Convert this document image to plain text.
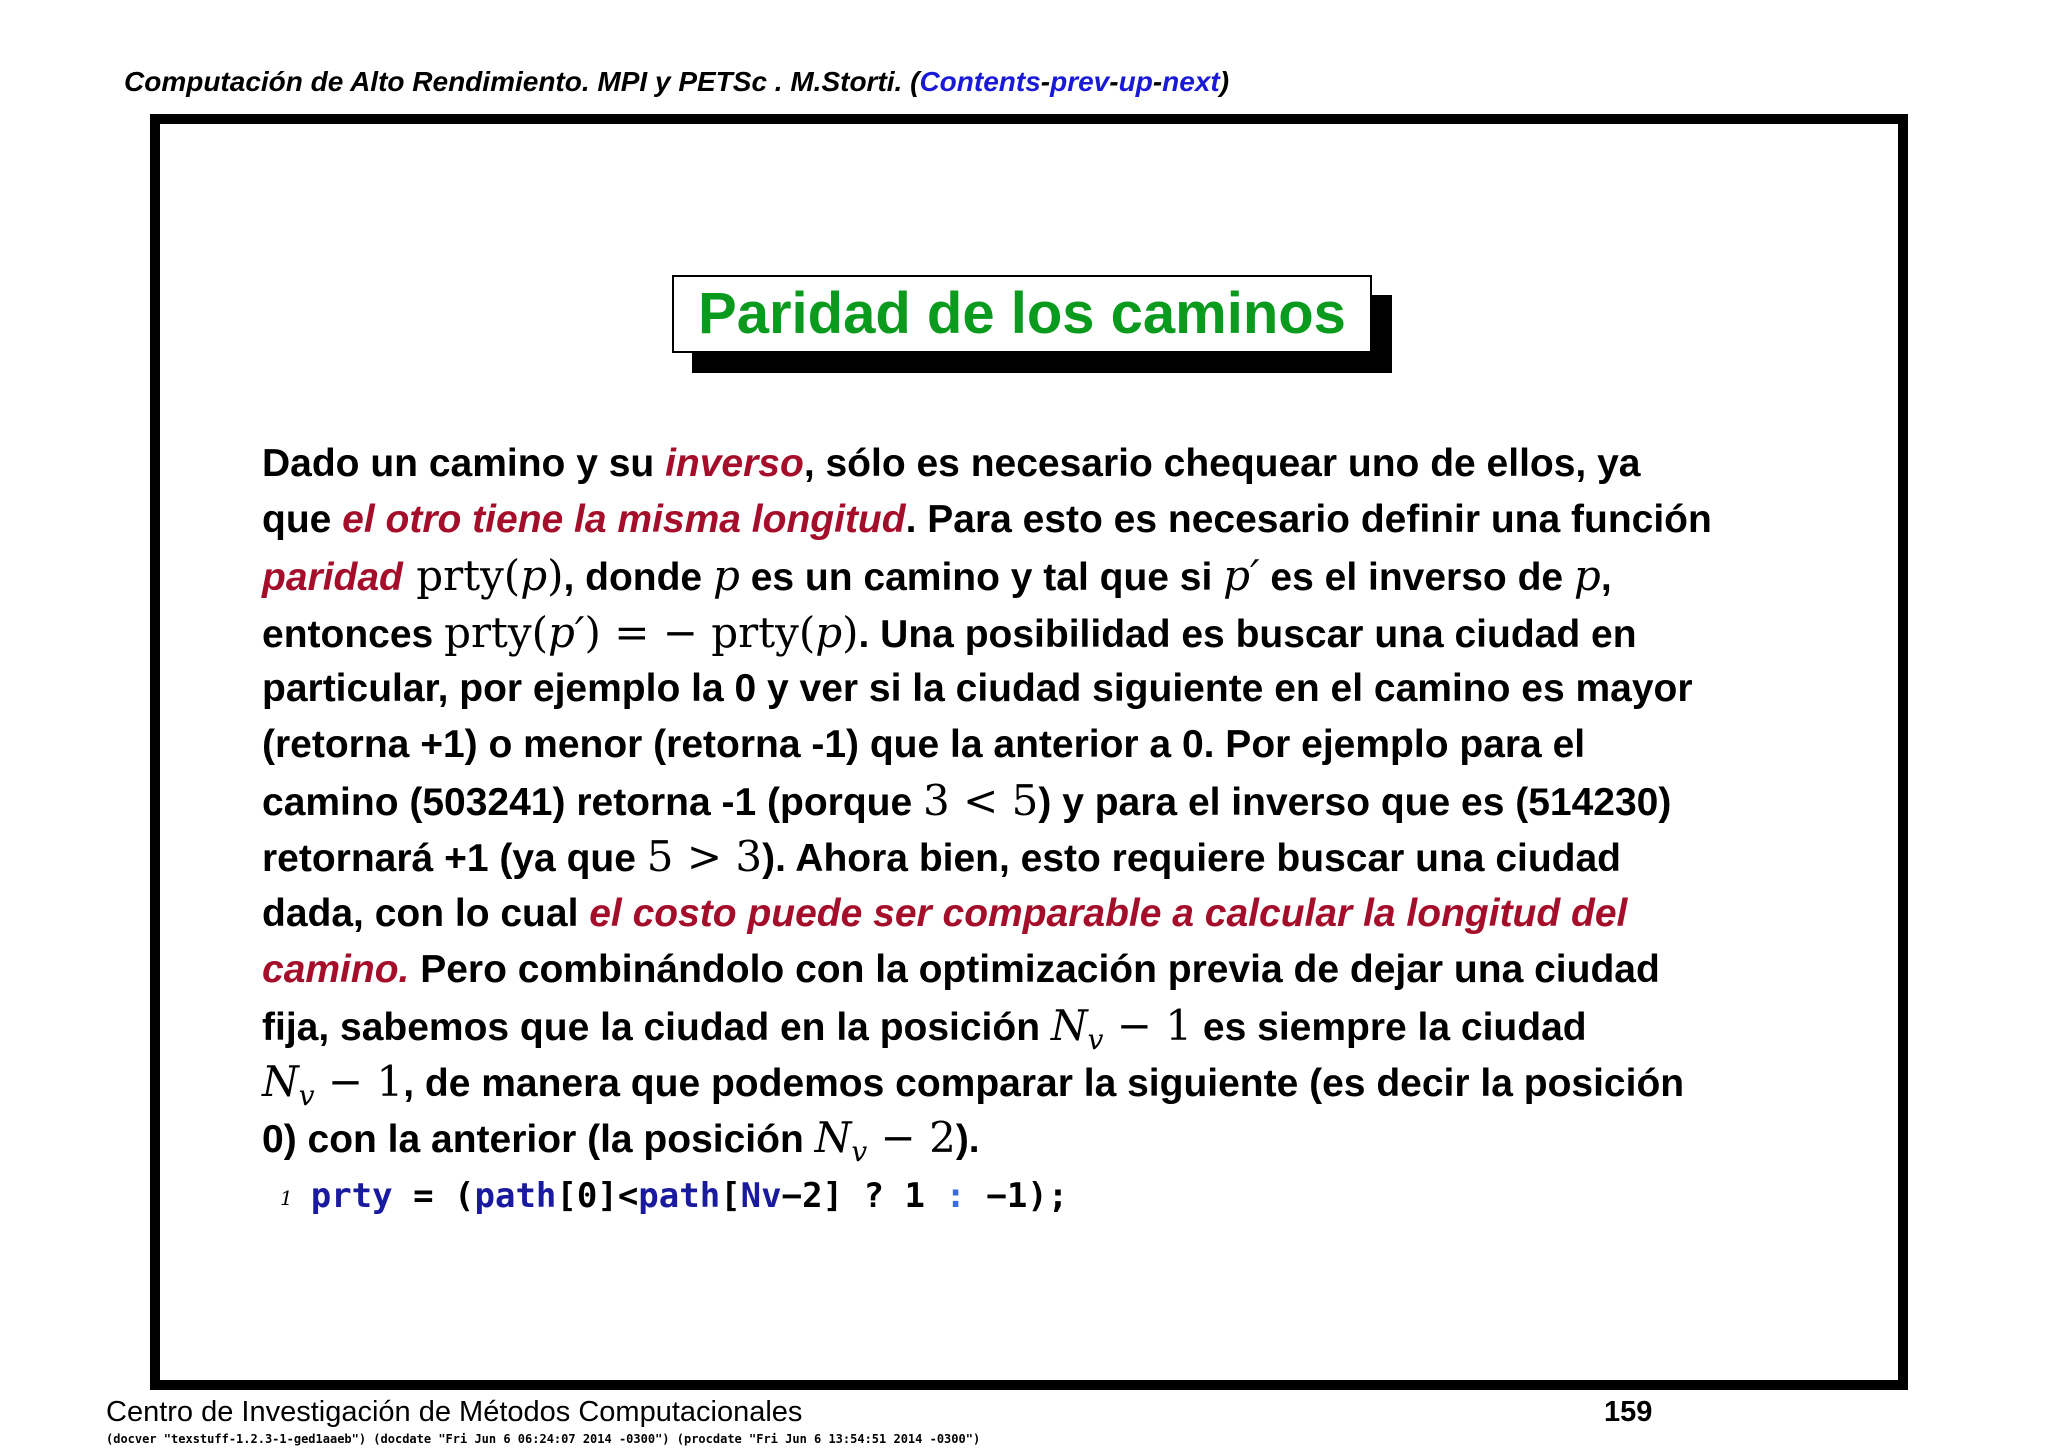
Computación de Alto Rendimiento. MPI y PETSc . M.Storti. (Contents-prev-up-next)
Paridad de los caminos
Dado un camino y su inverso, sólo es necesario chequear uno de ellos, ya
que el otro tiene la misma longitud. Para esto es necesario definir una función
paridad prty(p), donde p es un camino y tal que si p′ es el inverso de p,
entonces prty(p′) = − prty(p). Una posibilidad es buscar una ciudad en
particular, por ejemplo la 0 y ver si la ciudad siguiente en el camino es mayor
(retorna +1) o menor (retorna -1) que la anterior a 0. Por ejemplo para el
camino (503241) retorna -1 (porque 3 < 5) y para el inverso que es (514230)
retornará +1 (ya que 5 > 3). Ahora bien, esto requiere buscar una ciudad
dada, con lo cual el costo puede ser comparable a calcular la longitud del
camino. Pero combinándolo con la optimización previa de dejar una ciudad
fija, sabemos que la ciudad en la posición $N_v - 1$ es siempre la ciudad
$N_v - 1$, de manera que podemos comparar la siguiente (es decir la posición
0) con la anterior (la posición $N_v - 2$).
1 prty = (path[0]<path[Nv−2] ? 1 : −1);
Centro de Investigación de Métodos Computacionales	159
(docver "texstuff-1.2.3-1-ged1aaeb") (docdate "Fri Jun 6 06:24:07 2014 -0300") (procdate "Fri Jun 6 13:54:51 2014 -0300")
